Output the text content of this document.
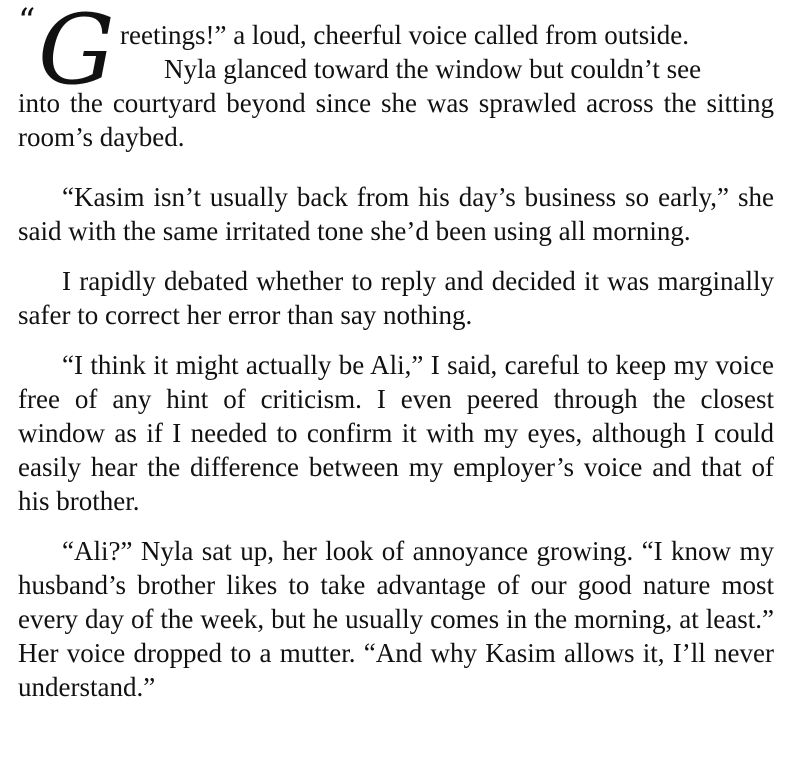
“ G reetings!” a loud, cheerful voice called from outside.
Nyla glanced toward the window but couldn’t see
into the courtyard beyond since she was sprawled across the sitting room’s daybed.

“Kasim isn’t usually back from his day’s business so early,” she said with the same irritated tone she’d been using all morning.

I rapidly debated whether to reply and decided it was marginally safer to correct her error than say nothing.

“I think it might actually be Ali,” I said, careful to keep my voice free of any hint of criticism. I even peered through the closest window as if I needed to confirm it with my eyes, although I could easily hear the difference between my employer’s voice and that of his brother.

“Ali?” Nyla sat up, her look of annoyance growing. “I know my husband’s brother likes to take advantage of our good nature most every day of the week, but he usually comes in the morning, at least.” Her voice dropped to a mutter. “And why Kasim allows it, I’ll never understand.”
